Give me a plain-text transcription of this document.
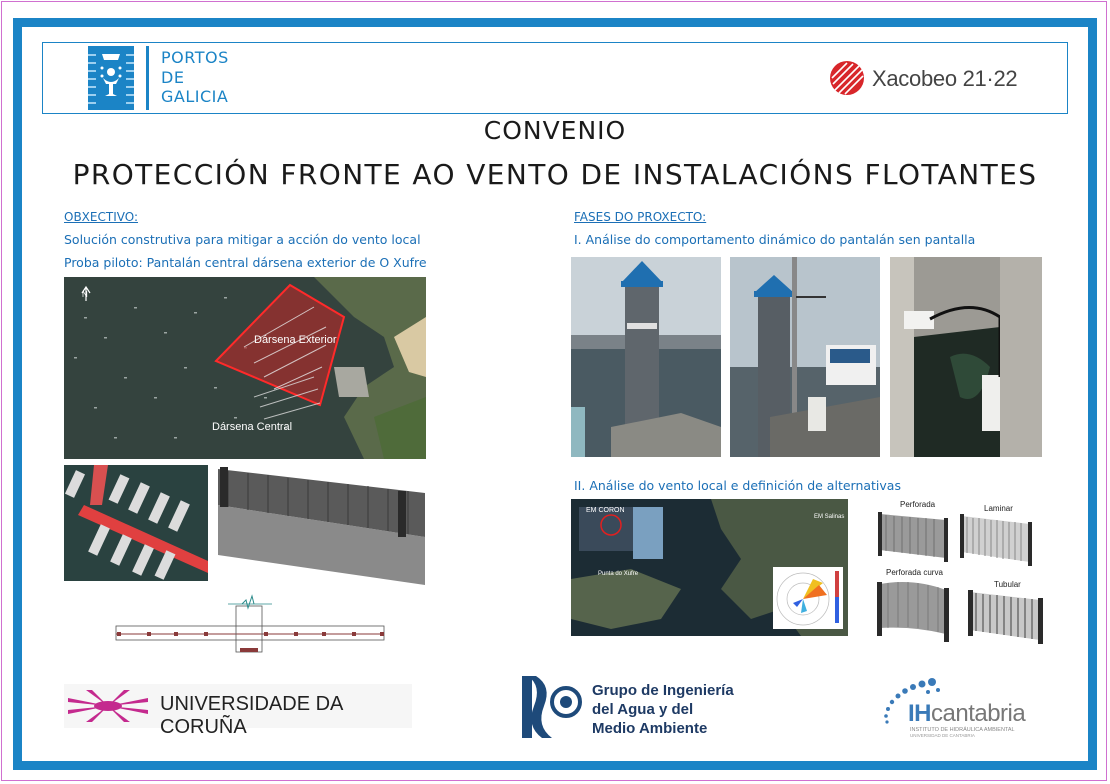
PORTOS
DE
GALICIA
Xacobeo 21·22
CONVENIO
PROTECCIÓN FRONTE AO VENTO DE INSTALACIÓNS FLOTANTES
OBXECTIVO:
Solución construtiva para mitigar a acción do vento local
Proba piloto: Pantalán central dársena exterior de O Xufre
N
Dársena Exterior
Dársena Central
FASES DO PROXECTO:
I. Análise do comportamento dinámico do pantalán sen pantalla
II. Análise do vento local e definición de alternativas
EM CORON
EM Salinas
Punta do Xufre
Perforada	Laminar
Perforada curva
Tubular
UNIVERSIDADE DA CORUÑA
Grupo de Ingeniería
del Agua y del
Medio Ambiente
IHcantabria
INSTITUTO DE HIDRÁULICA AMBIENTAL
UNIVERSIDAD DE CANTABRIA
